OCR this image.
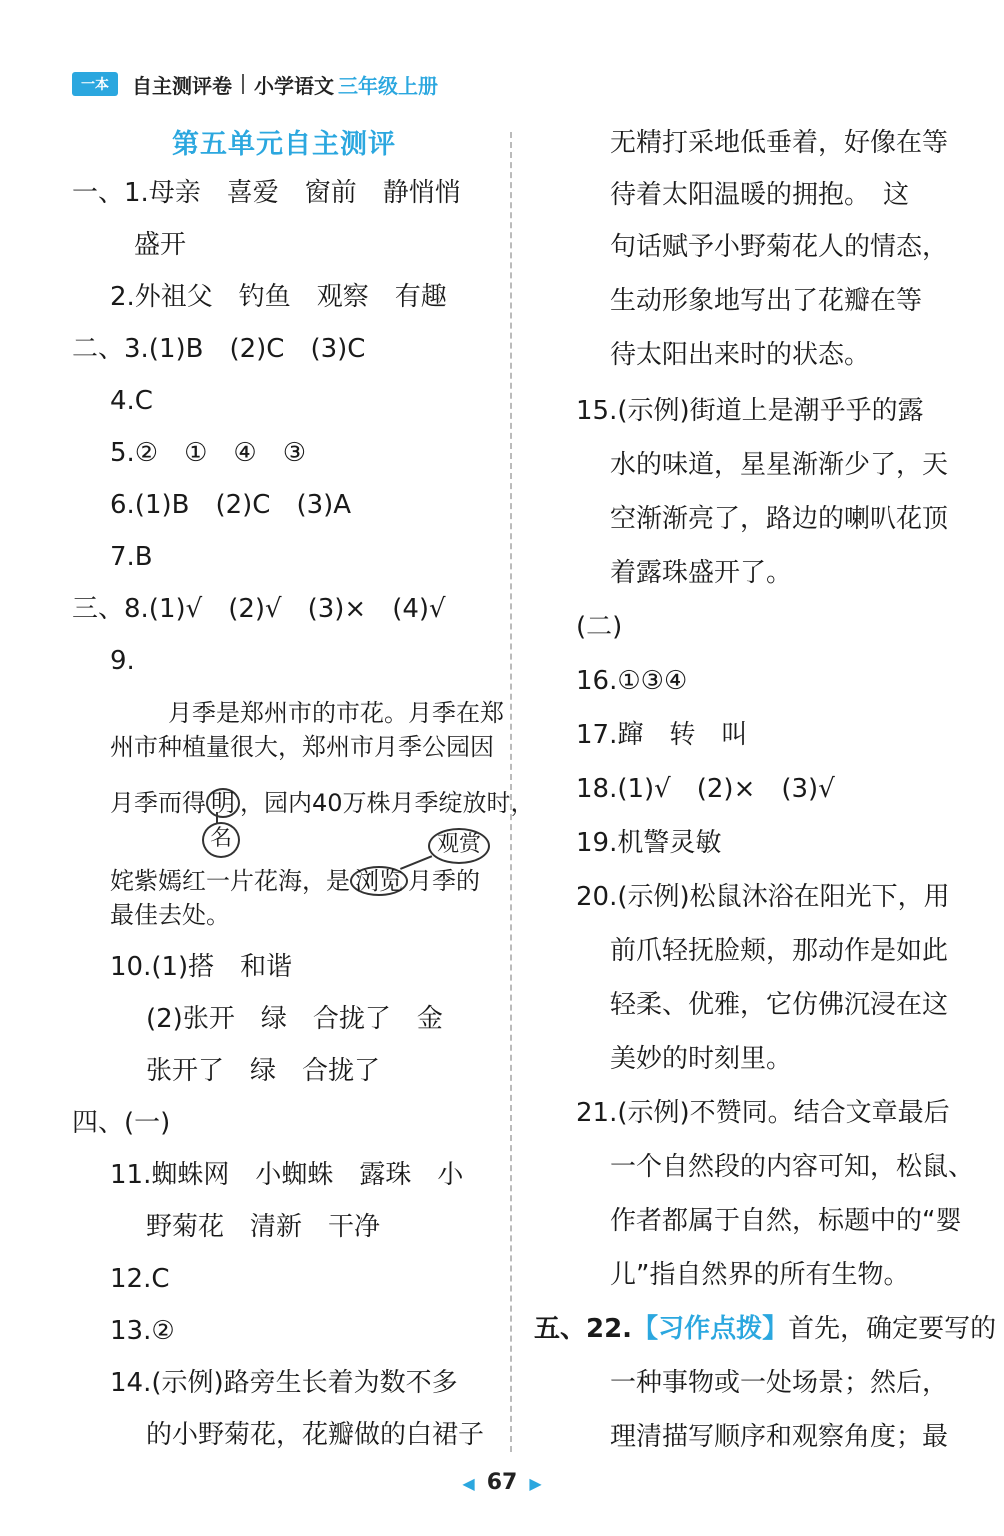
一本	自主测评卷 小学语文 三年级上册
第五单元自主测评
一、1.母亲　喜爱　窗前　静悄悄
盛开
2.外祖父　钓鱼　观察　有趣
二、3.(1)B　(2)C　(3)C
4.C
5.②　①　④　③
6.(1)B　(2)C　(3)A
7.B
三、8.(1)√　(2)√　(3)×　(4)√
9.
月季是郑州市的市花。月季在郑
州市种植量很大，郑州市月季公园因
月季而得 明 ，园内40万株月季绽放时，
名	观赏
姹紫嫣红一片花海，是 浏览 月季的
最佳去处。
10.(1)搭　和谐
(2)张开　绿　合拢了　金
张开了　绿　合拢了
四、(一)
11.蜘蛛网　小蜘蛛　露珠　小
野菊花　清新　干净
12.C
13.②
14.(示例)路旁生长着为数不多
的小野菊花，花瓣做的白裙子
无精打采地低垂着，好像在等
待着太阳温暖的拥抱。　这
句话赋予小野菊花人的情态，
生动形象地写出了花瓣在等
待太阳出来时的状态。
15.(示例)街道上是潮乎乎的露
水的味道，星星渐渐少了，天
空渐渐亮了，路边的喇叭花顶
着露珠盛开了。
(二)
16.①③④
17.蹿　转　叫
18.(1)√　(2)×　(3)√
19.机警灵敏
20.(示例)松鼠沐浴在阳光下，用
前爪轻抚脸颊，那动作是如此
轻柔、优雅，它仿佛沉浸在这
美妙的时刻里。
21.(示例)不赞同。结合文章最后
一个自然段的内容可知，松鼠、
作者都属于自然，标题中的“婴
儿”指自然界的所有生物。
五、22.【习作点拨】首先，确定要写的
一种事物或一处场景；然后，
理清描写顺序和观察角度；最
◀ 67 ▶
